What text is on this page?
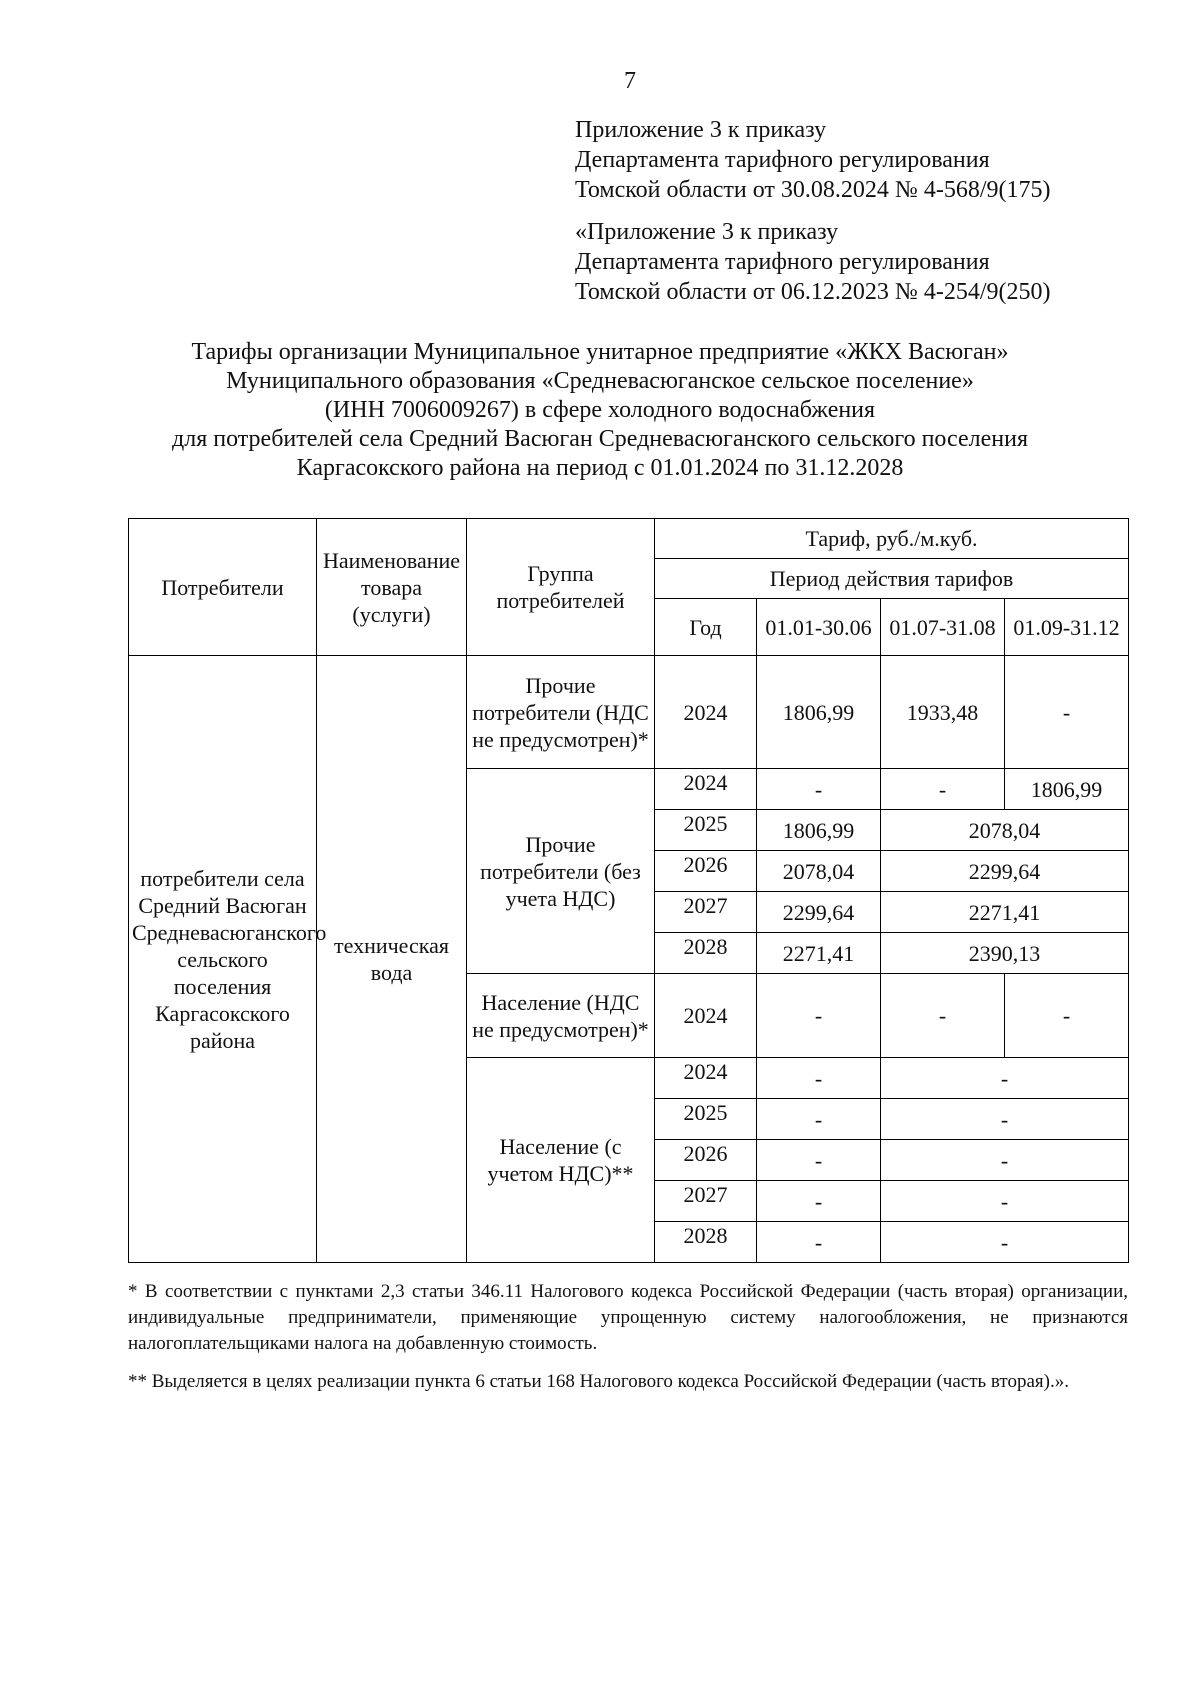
7
Приложение 3 к приказу
Департамента тарифного регулирования
Томской области от 30.08.2024 № 4-568/9(175)
«Приложение 3 к приказу
Департамента тарифного регулирования
Томской области от 06.12.2023 № 4-254/9(250)
Тарифы организации Муниципальное унитарное предприятие «ЖКХ Васюган»
Муниципального образования «Средневасюганское сельское поселение»
(ИНН 7006009267) в сфере холодного водоснабжения
для потребителей села Средний Васюган Средневасюганского сельского поселения
Каргасокского района на период с 01.01.2024 по 31.12.2028
Потребители	Наименование товара (услуги)	Группа потребителей	Тариф, руб./м.куб.			
			Период действия тарифов			
			Год	01.01-30.06	01.07-31.08	01.09-31.12
потребители села Средний Васюган Средневасюганского сельского поселения Каргасокского района	техническая вода	Прочие потребители (НДС не предусмотрен)*	2024	1806,99	1933,48	-
		Прочие потребители (без учета НДС)	2024	-	-	1806,99
			2025	1806,99	2078,04	
			2026	2078,04	2299,64	
			2027	2299,64	2271,41	
			2028	2271,41	2390,13	
		Население (НДС не предусмотрен)*	2024	-	-	-
		Население (с учетом НДС)**	2024	-	-	
			2025	-	-	
			2026	-	-	
			2027	-	-	
			2028	-	-	

* В соответствии с пунктами 2,3 статьи 346.11 Налогового кодекса Российской Федерации (часть вторая) организации, индивидуальные предприниматели, применяющие упрощенную систему налогообложения, не признаются налогоплательщиками налога на добавленную стоимость.

** Выделяется в целях реализации пункта 6 статьи 168 Налогового кодекса Российской Федерации (часть вторая).».
